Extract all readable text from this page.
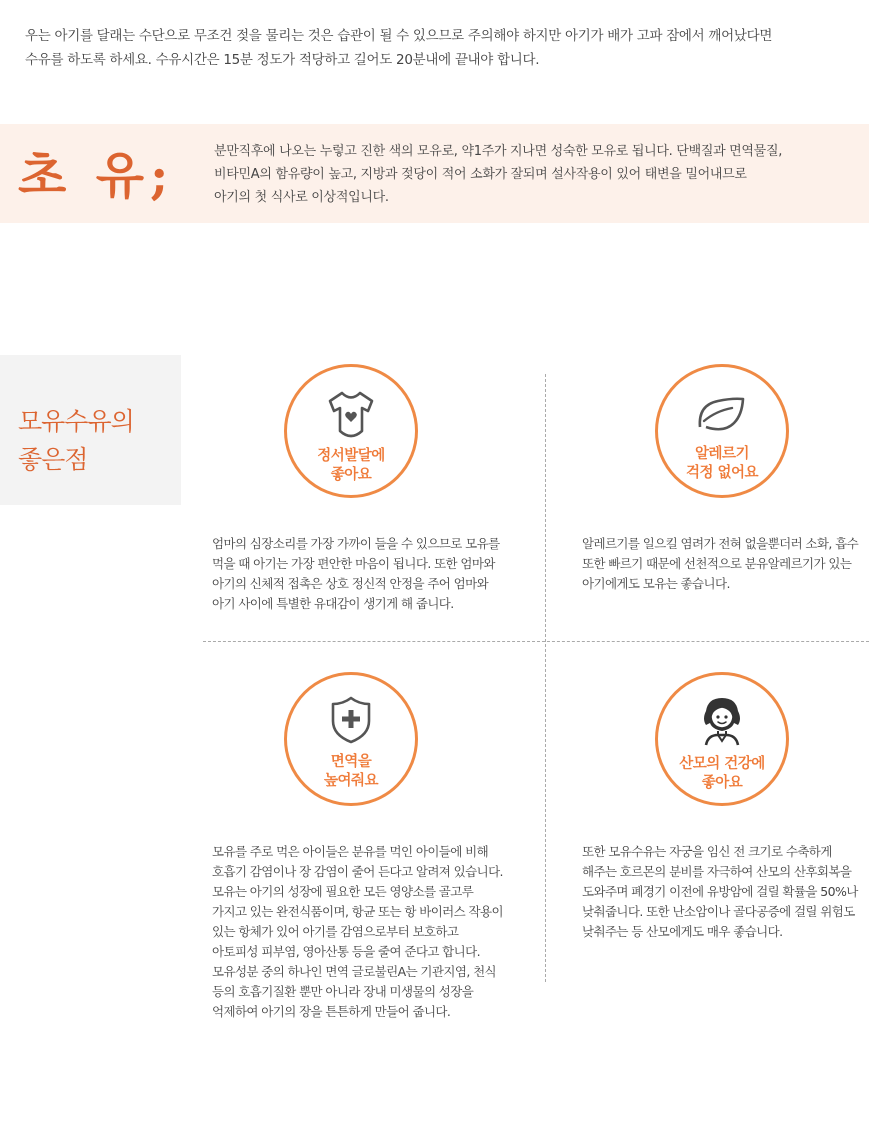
우는 아기를 달래는 수단으로 무조건 젖을 물리는 것은 습관이 될 수 있으므로 주의해야 하지만 아기가 배가 고파 잠에서 깨어났다면
수유를 하도록 하세요. 수유시간은 15분 정도가 적당하고 길어도 20분내에 끝내야 합니다.
초 유;	분만직후에 나오는 누렇고 진한 색의 모유로, 약1주가 지나면 성숙한 모유로 됩니다. 단백질과 면역물질,
비타민A의 함유량이 높고, 지방과 젖당이 적어 소화가 잘되며 설사작용이 있어 태변을 밀어내므로
아기의 첫 식사로 이상적입니다.
모유수유의
좋은점	정서발달에
좋아요
엄마의 심장소리를 가장 가까이 들을 수 있으므로 모유를
먹을 때 아기는 가장 편안한 마음이 됩니다. 또한 엄마와
아기의 신체적 접촉은 상호 정신적 안정을 주어 엄마와
아기 사이에 특별한 유대감이 생기게 해 줍니다.
알레르기
걱정 없어요
알레르기를 일으킬 염려가 전혀 없을뿐더러 소화, 흡수
또한 빠르기 때문에 선천적으로 분유알레르기가 있는
아기에게도 모유는 좋습니다.
면역을
높여줘요
모유를 주로 먹은 아이들은 분유를 먹인 아이들에 비해
호흡기 감염이나 장 감염이 줄어 든다고 알려져 있습니다.
모유는 아기의 성장에 필요한 모든 영양소를 골고루
가지고 있는 완전식품이며, 항균 또는 항 바이러스 작용이
있는 항체가 있어 아기를 감염으로부터 보호하고
아토피성 피부염, 영아산통 등을 줄여 준다고 합니다.
모유성분 중의 하나인 면역 글로불린A는 기관지염, 천식
등의 호흡기질환 뿐만 아니라 장내 미생물의 성장을
억제하여 아기의 장을 튼튼하게 만들어 줍니다.
산모의 건강에
좋아요
또한 모유수유는 자궁을 임신 전 크기로 수축하게
해주는 호르몬의 분비를 자극하여 산모의 산후회복을
도와주며 폐경기 이전에 유방암에 걸릴 확률을 50%나
낮춰줍니다. 또한 난소암이나 골다공증에 걸릴 위험도
낮춰주는 등 산모에게도 매우 좋습니다.
